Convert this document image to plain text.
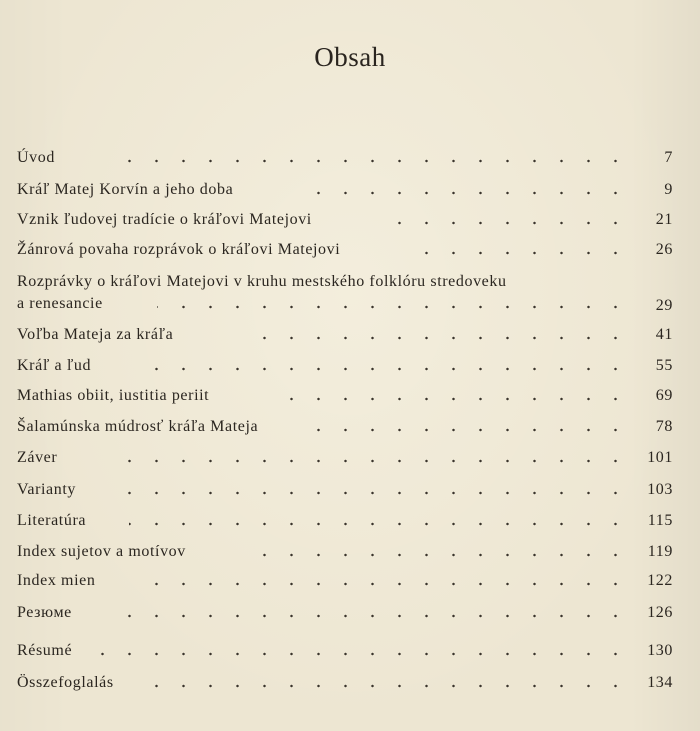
Obsah
Úvod	7
Kráľ Matej Korvín a jeho doba	9
Vznik ľudovej tradície o kráľovi Matejovi	21
Žánrová povaha rozprávok o kráľovi Matejovi	26
Rozprávky o kráľovi Matejovi v kruhu mestského folklóru stredoveku
a renesancie	29
Voľba Mateja za kráľa	41
Kráľ a ľud	55
Mathias obiit, iustitia periit	69
Šalamúnska múdrosť kráľa Mateja	78
Záver	101
Varianty	103
Literatúra	115
Index sujetov a motívov	119
Index mien	122
Резюме	126
Résumé	130
Összefoglalás	134
